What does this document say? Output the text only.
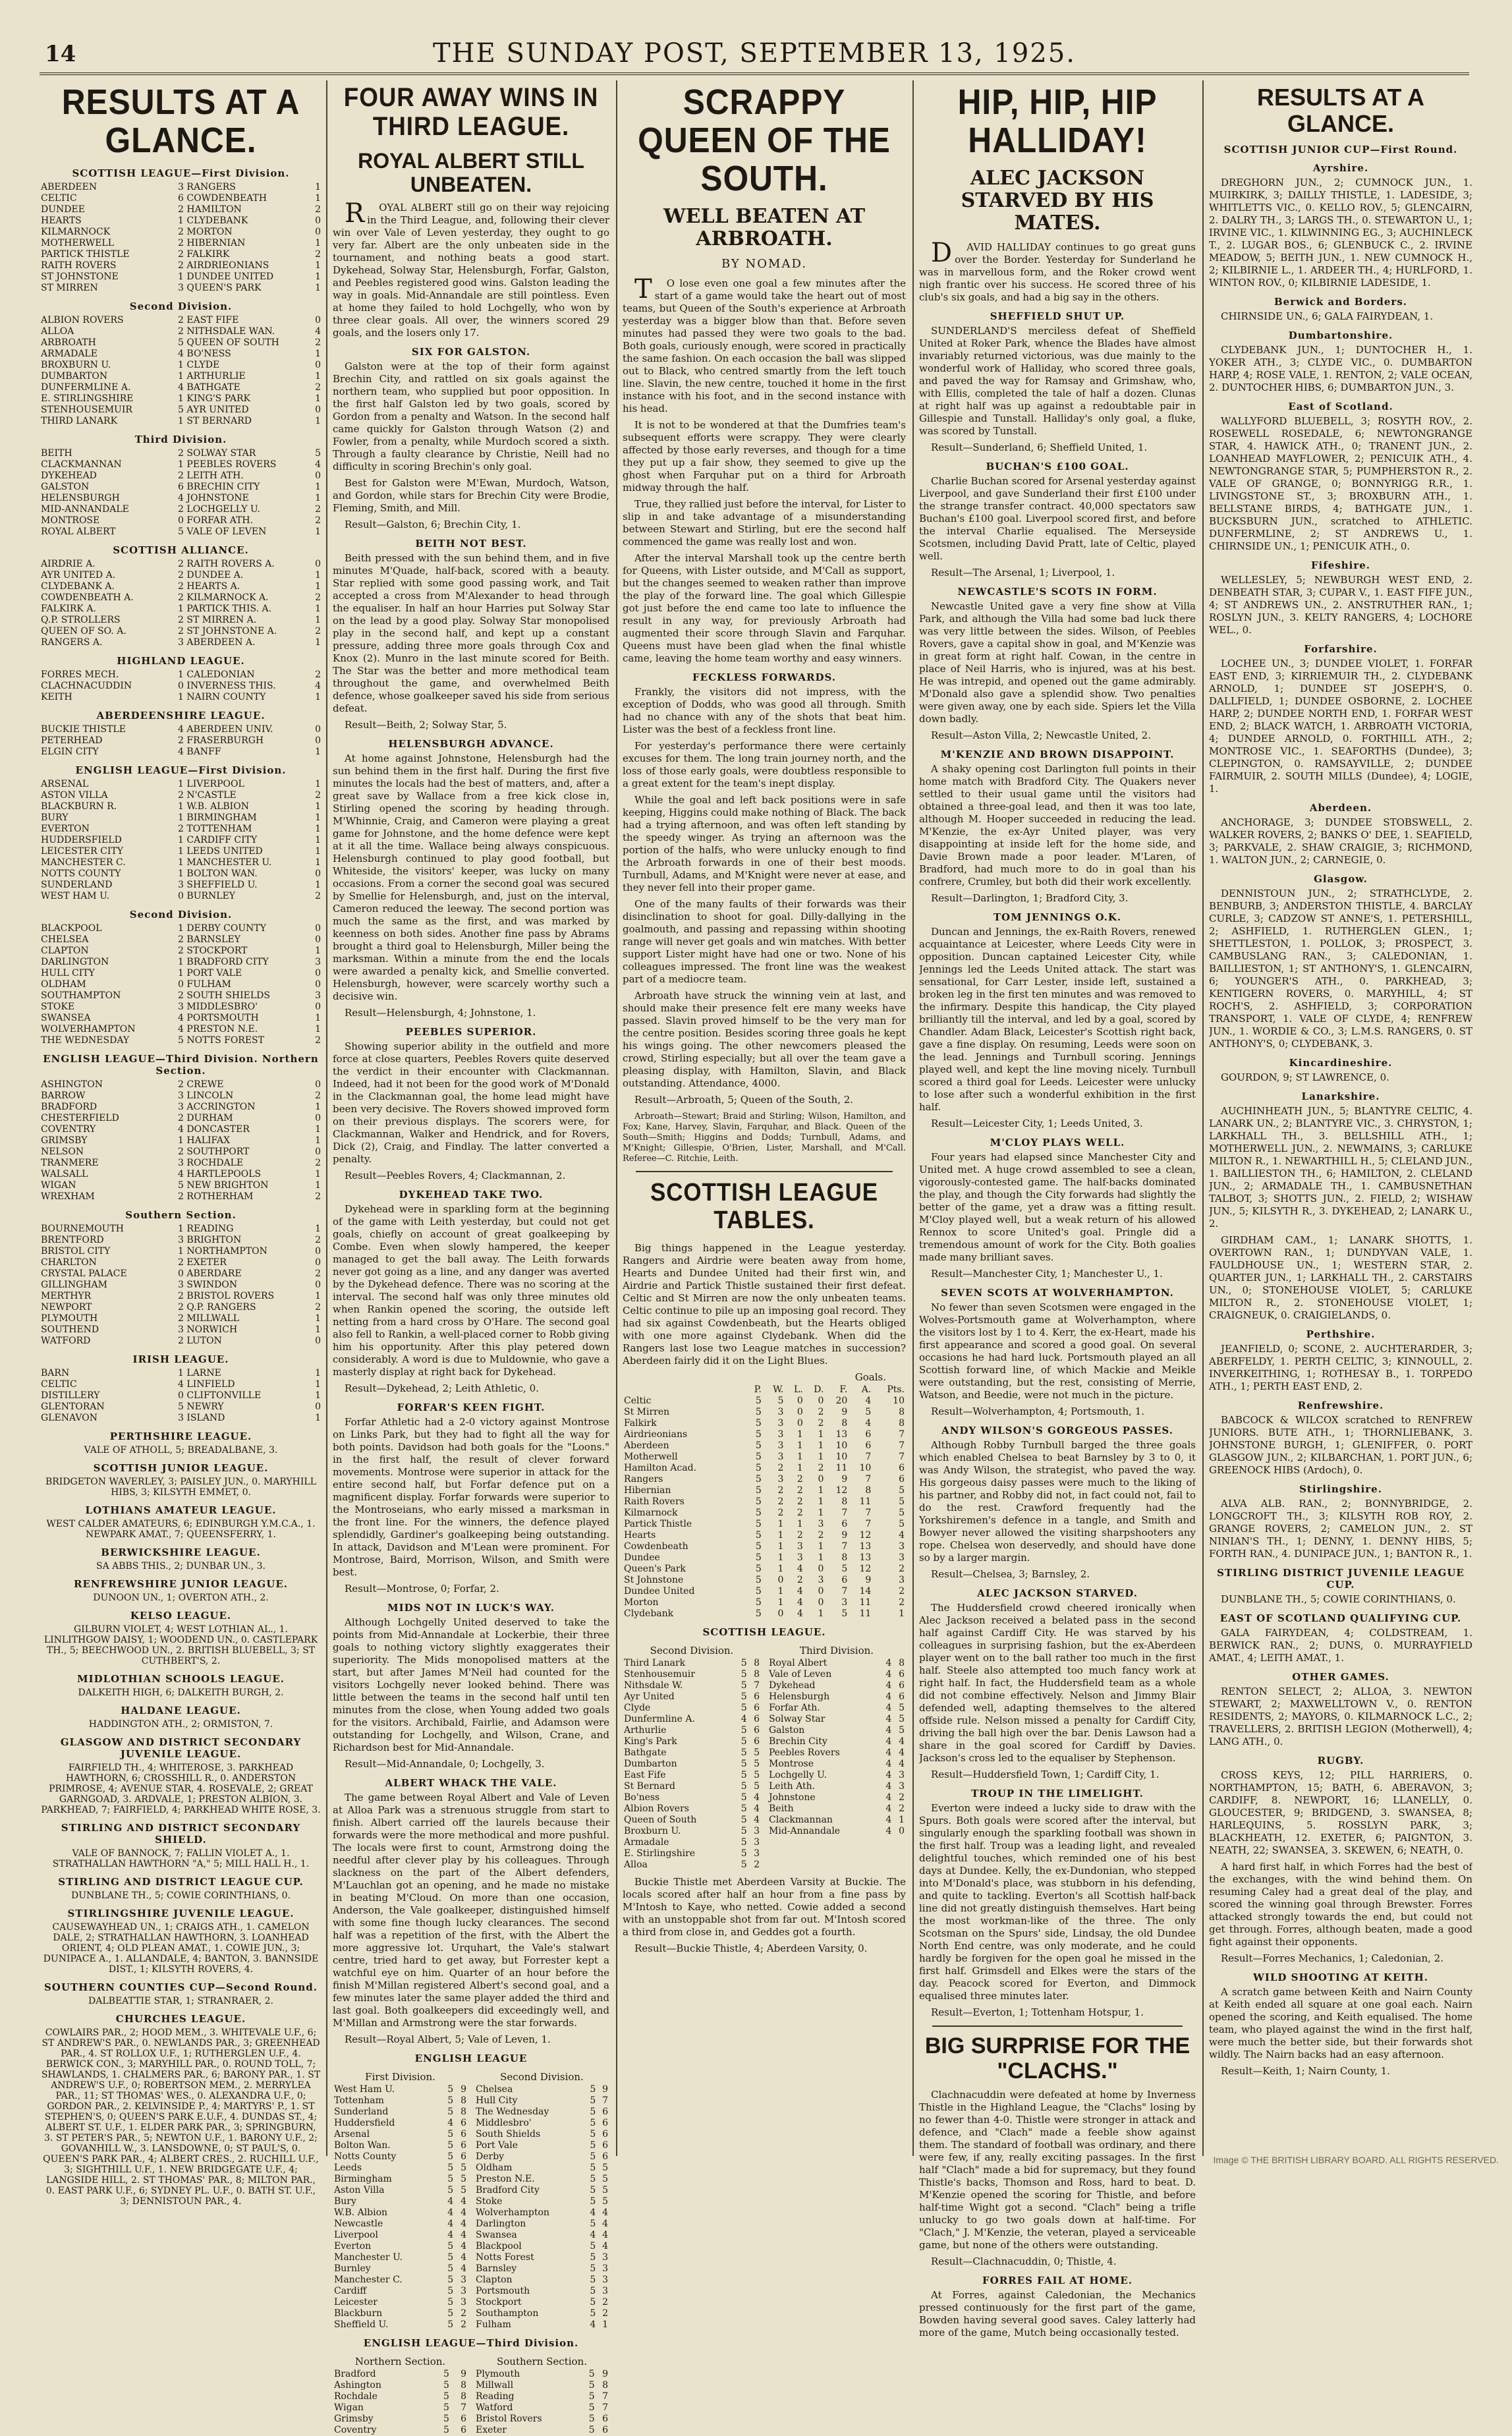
14	THE SUNDAY POST, SEPTEMBER 13, 1925.
RESULTS AT A GLANCE.
SCOTTISH LEAGUE—First Division.
ABERDEEN	3 RANGERS	1
CELTIC	6 COWDENBEATH	1
DUNDEE	2 HAMILTON	2
HEARTS	1 CLYDEBANK	0
KILMARNOCK	2 MORTON	0
MOTHERWELL	2 HIBERNIAN	1
PARTICK THISTLE	2 FALKIRK	2
RAITH ROVERS	2 AIRDRIEONIANS	1
ST JOHNSTONE	1 DUNDEE UNITED	1
ST MIRREN	3 QUEEN'S PARK	1
Second Division.
ALBION ROVERS	2 EAST FIFE	0
ALLOA	2 NITHSDALE WAN.	4
ARBROATH	5 QUEEN OF SOUTH	2
ARMADALE	4 BO'NESS	1
BROXBURN U.	1 CLYDE	0
DUMBARTON	1 ARTHURLIE	1
DUNFERMLINE A.	4 BATHGATE	2
E. STIRLINGSHIRE	1 KING'S PARK	1
STENHOUSEMUIR	5 AYR UNITED	0
THIRD LANARK	1 ST BERNARD	1
Third Division.
BEITH	2 SOLWAY STAR	5
CLACKMANNAN	1 PEEBLES ROVERS	4
DYKEHEAD	2 LEITH ATH.	0
GALSTON	6 BRECHIN CITY	1
HELENSBURGH	4 JOHNSTONE	1
MID-ANNANDALE	2 LOCHGELLY U.	2
MONTROSE	0 FORFAR ATH.	2
ROYAL ALBERT	5 VALE OF LEVEN	1
SCOTTISH ALLIANCE.
AIRDRIE A.	2 RAITH ROVERS A.	0
AYR UNITED A.	2 DUNDEE A.	1
CLYDEBANK A.	2 HEARTS A.	1
COWDENBEATH A.	2 KILMARNOCK A.	2
FALKIRK A.	1 PARTICK THIS. A.	1
Q.P. STROLLERS	2 ST MIRREN A.	1
QUEEN OF SO. A.	2 ST JOHNSTONE A.	2
RANGERS A.	3 ABERDEEN A.	1
HIGHLAND LEAGUE.
FORRES MECH.	1 CALEDONIAN	2
CLACHNACUDDIN	0 INVERNESS THIS.	4
KEITH	1 NAIRN COUNTY	1
ABERDEENSHIRE LEAGUE.
BUCKIE THISTLE	4 ABERDEEN UNIV.	0
PETERHEAD	2 FRASERBURGH	0
ELGIN CITY	4 BANFF	1
ENGLISH LEAGUE—First Division.
ARSENAL	1 LIVERPOOL	1
ASTON VILLA	2 N'CASTLE	2
BLACKBURN R.	1 W.B. ALBION	1
BURY	1 BIRMINGHAM	1
EVERTON	2 TOTTENHAM	1
HUDDERSFIELD	1 CARDIFF CITY	1
LEICESTER CITY	1 LEEDS UNITED	1
MANCHESTER C.	1 MANCHESTER U.	1
NOTTS COUNTY	1 BOLTON WAN.	0
SUNDERLAND	3 SHEFFIELD U.	1
WEST HAM U.	0 BURNLEY	2
Second Division.
BLACKPOOL	1 DERBY COUNTY	0
CHELSEA	2 BARNSLEY	0
CLAPTON	2 STOCKPORT	1
DARLINGTON	1 BRADFORD CITY	3
HULL CITY	1 PORT VALE	0
OLDHAM	0 FULHAM	0
SOUTHAMPTON	2 SOUTH SHIELDS	3
STOKE	3 MIDDLESBRO'	0
SWANSEA	4 PORTSMOUTH	1
WOLVERHAMPTON	4 PRESTON N.E.	1
THE WEDNESDAY	5 NOTTS FOREST	2
ENGLISH LEAGUE—Third Division. Northern Section.
ASHINGTON	2 CREWE	0
BARROW	3 LINCOLN	2
BRADFORD	3 ACCRINGTON	1
CHESTERFIELD	2 DURHAM	0
COVENTRY	4 DONCASTER	1
GRIMSBY	1 HALIFAX	1
NELSON	2 SOUTHPORT	0
TRANMERE	3 ROCHDALE	2
WALSALL	4 HARTLEPOOLS	1
WIGAN	5 NEW BRIGHTON	1
WREXHAM	2 ROTHERHAM	2
Southern Section.
BOURNEMOUTH	1 READING	1
BRENTFORD	3 BRIGHTON	2
BRISTOL CITY	1 NORTHAMPTON	0
CHARLTON	2 EXETER	0
CRYSTAL PALACE	0 ABERDARE	2
GILLINGHAM	3 SWINDON	0
MERTHYR	2 BRISTOL ROVERS	1
NEWPORT	2 Q.P. RANGERS	2
PLYMOUTH	2 MILLWALL	1
SOUTHEND	3 NORWICH	1
WATFORD	2 LUTON	0
IRISH LEAGUE.
BARN	1 LARNE	1
CELTIC	4 LINFIELD	1
DISTILLERY	0 CLIFTONVILLE	1
GLENTORAN	5 NEWRY	0
GLENAVON	3 ISLAND	1
PERTHSHIRE LEAGUE.
VALE OF ATHOLL, 5; BREADALBANE, 3.
SCOTTISH JUNIOR LEAGUE.
BRIDGETON WAVERLEY, 3; PAISLEY JUN., 0. MARYHILL HIBS, 3; KILSYTH EMMET, 0.
LOTHIANS AMATEUR LEAGUE.
WEST CALDER AMATEURS, 6; EDINBURGH Y.M.C.A., 1. NEWPARK AMAT., 7; QUEENSFERRY, 1.
BERWICKSHIRE LEAGUE.
SA ABBS THIS., 2; DUNBAR UN., 3.
RENFREWSHIRE JUNIOR LEAGUE.
DUNOON UN., 1; OVERTON ATH., 2.
KELSO LEAGUE.
GILBURN VIOLET, 4; WEST LOTHIAN AL., 1. LINLITHGOW DAISY, 1; WOODEND UN., 0. CASTLEPARK TH., 5; BEECHWOOD UN., 2. BRITISH BLUEBELL, 3; ST CUTHBERT'S, 2.
MIDLOTHIAN SCHOOLS LEAGUE.
DALKEITH HIGH, 6; DALKEITH BURGH, 2.
HALDANE LEAGUE.
HADDINGTON ATH., 2; ORMISTON, 7.
GLASGOW AND DISTRICT SECONDARY JUVENILE LEAGUE.
FAIRFIELD TH., 4; WHITEROSE, 3. PARKHEAD HAWTHORN, 6; CROSSHILL R., 0. ANDERSTON PRIMROSE, 4; AVENUE STAR, 4. ROSEVALE, 2; GREAT GARNGOAD, 3. ARDVALE, 1; PRESTON ALBION, 3. PARKHEAD, 7; FAIRFIELD, 4; PARKHEAD WHITE ROSE, 3.
STIRLING AND DISTRICT SECONDARY SHIELD.
VALE OF BANNOCK, 7; FALLIN VIOLET A., 1. STRATHALLAN HAWTHORN "A," 5; MILL HALL H., 1.
STIRLING AND DISTRICT LEAGUE CUP.
DUNBLANE TH., 5; COWIE CORINTHIANS, 0.
STIRLINGSHIRE JUVENILE LEAGUE.
CAUSEWAYHEAD UN., 1; CRAIGS ATH., 1. CAMELON DALE, 2; STRATHALLAN HAWTHORN, 3. LOANHEAD ORIENT, 4; OLD PLEAN AMAT., 1. COWIE JUN., 3; DUNIPACE A., 1. ALLANDALE, 4; BANTON, 3. BANNSIDE DIST., 1; KILSYTH ROVERS, 4.
SOUTHERN COUNTIES CUP—Second Round.
DALBEATTIE STAR, 1; STRANRAER, 2.
CHURCHES LEAGUE.
COWLAIRS PAR., 2; HOOD MEM., 3. WHITEVALE U.F., 6; ST ANDREW'S PAR., 0. NEWLANDS PAR., 3; GREENHEAD PAR., 4. ST ROLLOX U.F., 1; RUTHERGLEN U.F., 4. BERWICK CON., 3; MARYHILL PAR., 0. ROUND TOLL, 7; SHAWLANDS, 1. CHALMERS PAR., 6; BARONY PAR., 1. ST ANDREW'S U.F., 0; ROBERTSON MEM., 2. MERRYLEA PAR., 11; ST THOMAS' WES., 0. ALEXANDRA U.F., 0; GORDON PAR., 2. KELVINSIDE P., 4; MARTYRS' P., 1. ST STEPHEN'S, 0; QUEEN'S PARK E.U.F., 4. DUNDAS ST., 4; ALBERT ST. U.F., 1. ELDER PARK PAR., 3; SPRINGBURN, 3. ST PETER'S PAR., 5; NEWTON U.F., 1. BARONY U.F., 2; GOVANHILL W., 3. LANSDOWNE, 0; ST PAUL'S, 0. QUEEN'S PARK PAR., 4; ALBERT CRES., 2. RUCHILL U.F., 3; SIGHTHILL U.F., 1. NEW BRIDGEGATE U.F., 4; LANGSIDE HILL, 2. ST THOMAS' PAR., 8; MILTON PAR., 0. EAST PARK U.F., 6; SYDNEY PL. U.F., 0. BATH ST. U.F., 3; DENNISTOUN PAR., 4.
FOUR AWAY WINS IN THIRD LEAGUE.
ROYAL ALBERT STILL UNBEATEN.

ROYAL ALBERT still go on their way rejoicing in the Third League, and, following their clever win over Vale of Leven yesterday, they ought to go very far. Albert are the only unbeaten side in the tournament, and nothing beats a good start. Dykehead, Solway Star, Helensburgh, Forfar, Galston, and Peebles registered good wins. Galston leading the way in goals. Mid-Annandale are still pointless. Even at home they failed to hold Lochgelly, who won by three clear goals. All over, the winners scored 29 goals, and the losers only 17.

SIX FOR GALSTON.

Galston were at the top of their form against Brechin City, and rattled on six goals against the northern team, who supplied but poor opposition. In the first half Galston led by two goals, scored by Gordon from a penalty and Watson. In the second half came quickly for Galston through Watson (2) and Fowler, from a penalty, while Murdoch scored a sixth. Through a faulty clearance by Christie, Neill had no difficulty in scoring Brechin's only goal.

Best for Galston were M'Ewan, Murdoch, Watson, and Gordon, while stars for Brechin City were Brodie, Fleming, Smith, and Mill.

Result—Galston, 6; Brechin City, 1.

BEITH NOT BEST.

Beith pressed with the sun behind them, and in five minutes M'Quade, half-back, scored with a beauty. Star replied with some good passing work, and Tait accepted a cross from M'Alexander to head through the equaliser. In half an hour Harries put Solway Star on the lead by a good play. Solway Star monopolised play in the second half, and kept up a constant pressure, adding three more goals through Cox and Knox (2). Munro in the last minute scored for Beith. The Star was the better and more methodical team throughout the game, and overwhelmed Beith defence, whose goalkeeper saved his side from serious defeat.

Result—Beith, 2; Solway Star, 5.

HELENSBURGH ADVANCE.

At home against Johnstone, Helensburgh had the sun behind them in the first half. During the first five minutes the locals had the best of matters, and, after a great save by Wallace from a free kick close in, Stirling opened the scoring by heading through. M'Whinnie, Craig, and Cameron were playing a great game for Johnstone, and the home defence were kept at it all the time. Wallace being always conspicuous. Helensburgh continued to play good football, but Whiteside, the visitors' keeper, was lucky on many occasions. From a corner the second goal was secured by Smellie for Helensburgh, and, just on the interval, Cameron reduced the leeway. The second portion was much the same as the first, and was marked by keenness on both sides. Another fine pass by Abrams brought a third goal to Helensburgh, Miller being the marksman. Within a minute from the end the locals were awarded a penalty kick, and Smellie converted. Helensburgh, however, were scarcely worthy such a decisive win.

Result—Helensburgh, 4; Johnstone, 1.

PEEBLES SUPERIOR.

Showing superior ability in the outfield and more force at close quarters, Peebles Rovers quite deserved the verdict in their encounter with Clackmannan. Indeed, had it not been for the good work of M'Donald in the Clackmannan goal, the home lead might have been very decisive. The Rovers showed improved form on their previous displays. The scorers were, for Clackmannan, Walker and Hendrick, and for Rovers, Dick (2), Craig, and Findlay. The latter converted a penalty.

Result—Peebles Rovers, 4; Clackmannan, 2.

DYKEHEAD TAKE TWO.

Dykehead were in sparkling form at the beginning of the game with Leith yesterday, but could not get goals, chiefly on account of great goalkeeping by Combe. Even when slowly hampered, the keeper managed to get the ball away. The Leith forwards never got going as a line, and any danger was averted by the Dykehead defence. There was no scoring at the interval. The second half was only three minutes old when Rankin opened the scoring, the outside left netting from a hard cross by O'Hare. The second goal also fell to Rankin, a well-placed corner to Robb giving him his opportunity. After this play petered down considerably. A word is due to Muldownie, who gave a masterly display at right back for Dykehead.

Result—Dykehead, 2; Leith Athletic, 0.

FORFAR'S KEEN FIGHT.

Forfar Athletic had a 2-0 victory against Montrose on Links Park, but they had to fight all the way for both points. Davidson had both goals for the "Loons." in the first half, the result of clever forward movements. Montrose were superior in attack for the entire second half, but Forfar defence put on a magnificent display. Forfar forwards were superior to the Montroseians, who early missed a marksman in the front line. For the winners, the defence played splendidly, Gardiner's goalkeeping being outstanding. In attack, Davidson and M'Lean were prominent. For Montrose, Baird, Morrison, Wilson, and Smith were best.

Result—Montrose, 0; Forfar, 2.

MIDS NOT IN LUCK'S WAY.

Although Lochgelly United deserved to take the points from Mid-Annandale at Lockerbie, their three goals to nothing victory slightly exaggerates their superiority. The Mids monopolised matters at the start, but after James M'Neil had counted for the visitors Lochgelly never looked behind. There was little between the teams in the second half until ten minutes from the close, when Young added two goals for the visitors. Archibald, Fairlie, and Adamson were outstanding for Lochgelly, and Wilson, Crane, and Richardson best for Mid-Annandale.

Result—Mid-Annandale, 0; Lochgelly, 3.

ALBERT WHACK THE VALE.

The game between Royal Albert and Vale of Leven at Alloa Park was a strenuous struggle from start to finish. Albert carried off the laurels because their forwards were the more methodical and more pushful. The locals were first to count, Armstrong doing the needful after clever play by his colleagues. Through slackness on the part of the Albert defenders, M'Lauchlan got an opening, and he made no mistake in beating M'Cloud. On more than one occasion, Anderson, the Vale goalkeeper, distinguished himself with some fine though lucky clearances. The second half was a repetition of the first, with the Albert the more aggressive lot. Urquhart, the Vale's stalwart centre, tried hard to get away, but Forrester kept a watchful eye on him. Quarter of an hour before the finish M'Millan registered Albert's second goal, and a few minutes later the same player added the third and last goal. Both goalkeepers did exceedingly well, and M'Millan and Armstrong were the star forwards.

Result—Royal Albert, 5; Vale of Leven, 1.

ENGLISH LEAGUE
First Division.
West Ham U.	5	9
Tottenham	5	8
Sunderland	5	8
Huddersfield	4	6
Arsenal	5	6
Bolton Wan.	5	6
Notts County	5	6
Leeds	5	5
Birmingham	5	5
Aston Villa	5	5
Bury	4	4
W.B. Albion	4	4
Newcastle	4	4
Liverpool	4	4
Everton	5	4
Manchester U.	5	4
Burnley	5	4
Manchester C.	5	3
Cardiff	5	3
Leicester	5	3
Blackburn	5	2
Sheffield U.	5	2
Second Division.
Chelsea	5	9
Hull City	5	7
The Wednesday	5	6
Middlesbro'	5	6
South Shields	5	6
Port Vale	5	6
Derby	5	6
Oldham	5	5
Preston N.E.	5	5
Bradford City	5	5
Stoke	5	5
Wolverhampton	4	4
Darlington	5	4
Swansea	4	4
Blackpool	5	4
Notts Forest	5	3
Barnsley	5	3
Clapton	5	3
Portsmouth	5	3
Stockport	5	2
Southampton	5	2
Fulham	4	1
ENGLISH LEAGUE—Third Division.
Northern Section.
Bradford	5	9
Ashington	5	8
Rochdale	5	8
Wigan	5	7
Grimsby	5	6
Coventry	5	6
Southern Section.
Plymouth	5	9
Millwall	5	8
Reading	5	7
Watford	5	7
Bristol Rovers	5	6
Exeter	5	6
SCRAPPY QUEEN OF THE SOUTH.
WELL BEATEN AT ARBROATH.
BY NOMAD.

TO lose even one goal a few minutes after the start of a game would take the heart out of most teams, but Queen of the South's experience at Arbroath yesterday was a bigger blow than that. Before seven minutes had passed they were two goals to the bad. Both goals, curiously enough, were scored in practically the same fashion. On each occasion the ball was slipped out to Black, who centred smartly from the left touch line. Slavin, the new centre, touched it home in the first instance with his foot, and in the second instance with his head.

It is not to be wondered at that the Dumfries team's subsequent efforts were scrappy. They were clearly affected by those early reverses, and though for a time they put up a fair show, they seemed to give up the ghost when Farquhar put on a third for Arbroath midway through the half.

True, they rallied just before the interval, for Lister to slip in and take advantage of a misunderstanding between Stewart and Stirling, but ere the second half commenced the game was really lost and won.

After the interval Marshall took up the centre berth for Queens, with Lister outside, and M'Call as support, but the changes seemed to weaken rather than improve the play of the forward line. The goal which Gillespie got just before the end came too late to influence the result in any way, for previously Arbroath had augmented their score through Slavin and Farquhar. Queens must have been glad when the final whistle came, leaving the home team worthy and easy winners.

FECKLESS FORWARDS.

Frankly, the visitors did not impress, with the exception of Dodds, who was good all through. Smith had no chance with any of the shots that beat him. Lister was the best of a feckless front line.

For yesterday's performance there were certainly excuses for them. The long train journey north, and the loss of those early goals, were doubtless responsible to a great extent for the team's inept display.

While the goal and left back positions were in safe keeping, Higgins could make nothing of Black. The back had a trying afternoon, and was often left standing by the speedy winger. As trying an afternoon was the portion of the halfs, who were unlucky enough to find the Arbroath forwards in one of their best moods. Turnbull, Adams, and M'Knight were never at ease, and they never fell into their proper game.

One of the many faults of their forwards was their disinclination to shoot for goal. Dilly-dallying in the goalmouth, and passing and repassing within shooting range will never get goals and win matches. With better support Lister might have had one or two. None of his colleagues impressed. The front line was the weakest part of a mediocre team.

Arbroath have struck the winning vein at last, and should make their presence felt ere many weeks have passed. Slavin proved himself to be the very man for the centre position. Besides scoring three goals he kept his wings going. The other newcomers pleased the crowd, Stirling especially; but all over the team gave a pleasing display, with Hamilton, Slavin, and Black outstanding. Attendance, 4000.

Result—Arbroath, 5; Queen of the South, 2.

Arbroath—Stewart; Braid and Stirling; Wilson, Hamilton, and Fox; Kane, Harvey, Slavin, Farquhar, and Black. Queen of the South—Smith; Higgins and Dodds; Turnbull, Adams, and M'Knight; Gillespie, O'Brien, Lister, Marshall, and M'Call. Referee—C. Ritchie, Leith.

SCOTTISH LEAGUE TABLES.

Big things happened in the League yesterday. Rangers and Airdrie were beaten away from home, Hearts and Dundee United had their first win, and Airdrie and Partick Thistle sustained their first defeat. Celtic and St Mirren are now the only unbeaten teams. Celtic continue to pile up an imposing goal record. They had six against Cowdenbeath, but the Hearts obliged with one more against Clydebank. When did the Rangers last lose two League matches in succession? Aberdeen fairly did it on the Light Blues.

Goals.
	P.	W.	L.	D.	F.	A.	Pts.
Celtic	5	5	0	0	20	4	10
St Mirren	5	3	0	2	9	5	8
Falkirk	5	3	0	2	8	4	8
Airdrieonians	5	3	1	1	13	6	7
Aberdeen	5	3	1	1	10	6	7
Motherwell	5	3	1	1	10	7	7
Hamilton Acad.	5	2	1	2	11	10	6
Rangers	5	3	2	0	9	7	6
Hibernian	5	2	2	1	12	8	5
Raith Rovers	5	2	2	1	8	11	5
Kilmarnock	5	2	2	1	7	7	5
Partick Thistle	5	1	1	3	6	7	5
Hearts	5	1	2	2	9	12	4
Cowdenbeath	5	1	3	1	7	13	3
Dundee	5	1	3	1	8	13	3
Queen's Park	5	1	4	0	5	12	2
St Johnstone	5	0	2	3	6	9	3
Dundee United	5	1	4	0	7	14	2
Morton	5	1	4	0	3	11	2
Clydebank	5	0	4	1	5	11	1
SCOTTISH LEAGUE.
Second Division.
Third Lanark	5	8
Stenhousemuir	5	8
Nithsdale W.	5	7
Ayr United	5	6
Clyde	5	6
Dunfermline A.	4	6
Arthurlie	5	6
King's Park	5	6
Bathgate	5	5
Dumbarton	5	5
East Fife	5	5
St Bernard	5	5
Bo'ness	5	4
Albion Rovers	5	4
Queen of South	5	4
Broxburn U.	5	3
Armadale	5	3
E. Stirlingshire	5	3
Alloa	5	2
Third Division.
Royal Albert	4	8
Vale of Leven	4	6
Dykehead	4	6
Helensburgh	4	6
Forfar Ath.	4	5
Solway Star	4	5
Galston	4	5
Brechin City	4	4
Peebles Rovers	4	4
Montrose	4	4
Lochgelly U.	4	3
Leith Ath.	4	3
Johnstone	4	2
Beith	4	2
Clackmannan	4	1
Mid-Annandale	4	0

Buckie Thistle met Aberdeen Varsity at Buckie. The locals scored after half an hour from a fine pass by M'Intosh to Kaye, who netted. Cowie added a second with an unstoppable shot from far out. M'Intosh scored a third from close in, and Geddes got a fourth.

Result—Buckie Thistle, 4; Aberdeen Varsity, 0.

HIP, HIP, HIP HALLIDAY!
ALEC JACKSON STARVED BY HIS MATES.

DAVID HALLIDAY continues to go great guns over the Border. Yesterday for Sunderland he was in marvellous form, and the Roker crowd went nigh frantic over his success. He scored three of his club's six goals, and had a big say in the others.

SHEFFIELD SHUT UP.

SUNDERLAND'S merciless defeat of Sheffield United at Roker Park, whence the Blades have almost invariably returned victorious, was due mainly to the wonderful work of Halliday, who scored three goals, and paved the way for Ramsay and Grimshaw, who, with Ellis, completed the tale of half a dozen. Clunas at right half was up against a redoubtable pair in Gillespie and Tunstall. Halliday's only goal, a fluke, was scored by Tunstall.

Result—Sunderland, 6; Sheffield United, 1.

BUCHAN'S £100 GOAL.

Charlie Buchan scored for Arsenal yesterday against Liverpool, and gave Sunderland their first £100 under the strange transfer contract. 40,000 spectators saw Buchan's £100 goal. Liverpool scored first, and before the interval Charlie equalised. The Merseyside Scotsmen, including David Pratt, late of Celtic, played well.

Result—The Arsenal, 1; Liverpool, 1.

NEWCASTLE'S SCOTS IN FORM.

Newcastle United gave a very fine show at Villa Park, and although the Villa had some bad luck there was very little between the sides. Wilson, of Peebles Rovers, gave a capital show in goal, and M'Kenzie was in great form at right half. Cowan, in the centre in place of Neil Harris, who is injured, was at his best. He was intrepid, and opened out the game admirably. M'Donald also gave a splendid show. Two penalties were given away, one by each side. Spiers let the Villa down badly.

Result—Aston Villa, 2; Newcastle United, 2.

M'KENZIE AND BROWN DISAPPOINT.

A shaky opening cost Darlington full points in their home match with Bradford City. The Quakers never settled to their usual game until the visitors had obtained a three-goal lead, and then it was too late, although M. Hooper succeeded in reducing the lead. M'Kenzie, the ex-Ayr United player, was very disappointing at inside left for the home side, and Davie Brown made a poor leader. M'Laren, of Bradford, had much more to do in goal than his confrere, Crumley, but both did their work excellently.

Result—Darlington, 1; Bradford City, 3.

TOM JENNINGS O.K.

Duncan and Jennings, the ex-Raith Rovers, renewed acquaintance at Leicester, where Leeds City were in opposition. Duncan captained Leicester City, while Jennings led the Leeds United attack. The start was sensational, for Carr Lester, inside left, sustained a broken leg in the first ten minutes and was removed to the infirmary. Despite this handicap, the City played brilliantly till the interval, and led by a goal, scored by Chandler. Adam Black, Leicester's Scottish right back, gave a fine display. On resuming, Leeds were soon on the lead. Jennings and Turnbull scoring. Jennings played well, and kept the line moving nicely. Turnbull scored a third goal for Leeds. Leicester were unlucky to lose after such a wonderful exhibition in the first half.

Result—Leicester City, 1; Leeds United, 3.

M'CLOY PLAYS WELL.

Four years had elapsed since Manchester City and United met. A huge crowd assembled to see a clean, vigorously-contested game. The half-backs dominated the play, and though the City forwards had slightly the better of the game, yet a draw was a fitting result. M'Cloy played well, but a weak return of his allowed Rennox to score United's goal. Pringle did a tremendous amount of work for the City. Both goalies made many brilliant saves.

Result—Manchester City, 1; Manchester U., 1.

SEVEN SCOTS AT WOLVERHAMPTON.

No fewer than seven Scotsmen were engaged in the Wolves-Portsmouth game at Wolverhampton, where the visitors lost by 1 to 4. Kerr, the ex-Heart, made his first appearance and scored a good goal. On several occasions he had hard luck. Portsmouth played an all Scottish forward line, of which Mackie and Meikle were outstanding, but the rest, consisting of Merrie, Watson, and Beedie, were not much in the picture.

Result—Wolverhampton, 4; Portsmouth, 1.

ANDY WILSON'S GORGEOUS PASSES.

Although Robby Turnbull barged the three goals which enabled Chelsea to beat Barnsley by 3 to 0, it was Andy Wilson, the strategist, who paved the way. His gorgeous daisy passes were much to the liking of his partner, and Robby did not, in fact could not, fail to do the rest. Crawford frequently had the Yorkshiremen's defence in a tangle, and Smith and Bowyer never allowed the visiting sharpshooters any rope. Chelsea won deservedly, and should have done so by a larger margin.

Result—Chelsea, 3; Barnsley, 2.

ALEC JACKSON STARVED.

The Huddersfield crowd cheered ironically when Alec Jackson received a belated pass in the second half against Cardiff City. He was starved by his colleagues in surprising fashion, but the ex-Aberdeen player went on to the ball rather too much in the first half. Steele also attempted too much fancy work at right half. In fact, the Huddersfield team as a whole did not combine effectively. Nelson and Jimmy Blair defended well, adapting themselves to the altered offside rule. Nelson missed a penalty for Cardiff City, driving the ball high over the bar. Denis Lawson had a share in the goal scored for Cardiff by Davies. Jackson's cross led to the equaliser by Stephenson.

Result—Huddersfield Town, 1; Cardiff City, 1.

TROUP IN THE LIMELIGHT.

Everton were indeed a lucky side to draw with the Spurs. Both goals were scored after the interval, but singularly enough the sparkling football was shown in the first half. Troup was a leading light, and revealed delightful touches, which reminded one of his best days at Dundee. Kelly, the ex-Dundonian, who stepped into M'Donald's place, was stubborn in his defending, and quite to tackling. Everton's all Scottish half-back line did not greatly distinguish themselves. Hart being the most workman-like of the three. The only Scotsman on the Spurs' side, Lindsay, the old Dundee North End centre, was only moderate, and he could hardly be forgiven for the open goal he missed in the first half. Grimsdell and Elkes were the stars of the day. Peacock scored for Everton, and Dimmock equalised three minutes later.

Result—Everton, 1; Tottenham Hotspur, 1.

BIG SURPRISE FOR THE "CLACHS."

Clachnacuddin were defeated at home by Inverness Thistle in the Highland League, the "Clachs" losing by no fewer than 4-0. Thistle were stronger in attack and defence, and "Clach" made a feeble show against them. The standard of football was ordinary, and there were few, if any, really exciting passages. In the first half "Clach" made a bid for supremacy, but they found Thistle's backs, Thomson and Ross, hard to beat. D. M'Kenzie opened the scoring for Thistle, and before half-time Wight got a second. "Clach" being a trifle unlucky to go two goals down at half-time. For "Clach," J. M'Kenzie, the veteran, played a serviceable game, but none of the others were outstanding.

Result—Clachnacuddin, 0; Thistle, 4.

FORRES FAIL AT HOME.

At Forres, against Caledonian, the Mechanics pressed continuously for the first part of the game, Bowden having several good saves. Caley latterly had more of the game, Mutch being occasionally tested.

RESULTS AT A GLANCE.
SCOTTISH JUNIOR CUP—First Round.
Ayrshire.

DREGHORN JUN., 2; CUMNOCK JUN., 1. MUIRKIRK, 3; DAILLY THISTLE, 1. LADESIDE, 3; WHITLETTS VIC., 0. KELLO ROV., 5; GLENCAIRN, 2. DALRY TH., 3; LARGS TH., 0. STEWARTON U., 1; IRVINE VIC., 1. KILWINNING EG., 3; AUCHINLECK T., 2. LUGAR BOS., 6; GLENBUCK C., 2. IRVINE MEADOW, 5; BEITH JUN., 1. NEW CUMNOCK H., 2; KILBIRNIE L., 1. ARDEER TH., 4; HURLFORD, 1. WINTON ROV., 0; KILBIRNIE LADESIDE, 1.

Berwick and Borders.

CHIRNSIDE UN., 6; GALA FAIRYDEAN, 1.

Dumbartonshire.

CLYDEBANK JUN., 1; DUNTOCHER H., 1. YOKER ATH., 3; CLYDE VIC., 0. DUMBARTON HARP, 4; ROSE VALE, 1. RENTON, 2; VALE OCEAN, 2. DUNTOCHER HIBS, 6; DUMBARTON JUN., 3.

East of Scotland.

WALLYFORD BLUEBELL, 3; ROSYTH ROV., 2. ROSEWELL ROSEDALE, 6; NEWTONGRANGE STAR, 4. HAWICK ATH., 0; TRANENT JUN., 2. LOANHEAD MAYFLOWER, 2; PENICUIK ATH., 4. NEWTONGRANGE STAR, 5; PUMPHERSTON R., 2. VALE OF GRANGE, 0; BONNYRIGG R.R., 1. LIVINGSTONE ST., 3; BROXBURN ATH., 1. BELLSTANE BIRDS, 4; BATHGATE JUN., 1. BUCKSBURN JUN., scratched to ATHLETIC. DUNFERMLINE, 2; ST ANDREWS U., 1. CHIRNSIDE UN., 1; PENICUIK ATH., 0.

Fifeshire.

WELLESLEY, 5; NEWBURGH WEST END, 2. DENBEATH STAR, 3; CUPAR V., 1. EAST FIFE JUN., 4; ST ANDREWS UN., 2. ANSTRUTHER RAN., 1; ROSLYN JUN., 3. KELTY RANGERS, 4; LOCHORE WEL., 0.

Forfarshire.

LOCHEE UN., 3; DUNDEE VIOLET, 1. FORFAR EAST END, 3; KIRRIEMUIR TH., 2. CLYDEBANK ARNOLD, 1; DUNDEE ST JOSEPH'S, 0. DALLFIELD, 1; DUNDEE OSBORNE, 2. LOCHEE HARP, 2; DUNDEE NORTH END, 1. FORFAR WEST END, 2; BLACK WATCH, 1. ARBROATH VICTORIA, 4; DUNDEE ARNOLD, 0. FORTHILL ATH., 2; MONTROSE VIC., 1. SEAFORTHS (Dundee), 3; CLEPINGTON, 0. RAMSAYVILLE, 2; DUNDEE FAIRMUIR, 2. SOUTH MILLS (Dundee), 4; LOGIE, 1.

Aberdeen.

ANCHORAGE, 3; DUNDEE STOBSWELL, 2. WALKER ROVERS, 2; BANKS O' DEE, 1. SEAFIELD, 3; PARKVALE, 2. SHAW CRAIGIE, 3; RICHMOND, 1. WALTON JUN., 2; CARNEGIE, 0.

Glasgow.

DENNISTOUN JUN., 2; STRATHCLYDE, 2. BENBURB, 3; ANDERSTON THISTLE, 4. BARCLAY CURLE, 3; CADZOW ST ANNE'S, 1. PETERSHILL, 2; ASHFIELD, 1. RUTHERGLEN GLEN., 1; SHETTLESTON, 1. POLLOK, 3; PROSPECT, 3. CAMBUSLANG RAN., 3; CALEDONIAN, 1. BAILLIESTON, 1; ST ANTHONY'S, 1. GLENCAIRN, 6; YOUNGER'S ATH., 0. PARKHEAD, 3; KENTIGERN ROVERS, 0. MARYHILL, 4; ST ROCH'S, 2. ASHFIELD, 3; CORPORATION TRANSPORT, 1. VALE OF CLYDE, 4; RENFREW JUN., 1. WORDIE & CO., 3; L.M.S. RANGERS, 0. ST ANTHONY'S, 0; CLYDEBANK, 3.

Kincardineshire.

GOURDON, 9; ST LAWRENCE, 0.

Lanarkshire.

AUCHINHEATH JUN., 5; BLANTYRE CELTIC, 4. LANARK UN., 2; BLANTYRE VIC., 3. CHRYSTON, 1; LARKHALL TH., 3. BELLSHILL ATH., 1; MOTHERWELL JUN., 2. NEWMAINS, 3; CARLUKE MILTON R., 1. NEWARTHILL H., 5; CLELAND JUN., 1. BAILLIESTON TH., 6; HAMILTON, 2. CLELAND JUN., 2; ARMADALE TH., 1. CAMBUSNETHAN TALBOT, 3; SHOTTS JUN., 2. FIELD, 2; WISHAW JUN., 5; KILSYTH R., 3. DYKEHEAD, 2; LANARK U., 2.

GIRDHAM CAM., 1; LANARK SHOTTS, 1. OVERTOWN RAN., 1; DUNDYVAN VALE, 1. FAULDHOUSE UN., 1; WESTERN STAR, 2. QUARTER JUN., 1; LARKHALL TH., 2. CARSTAIRS UN., 0; STONEHOUSE VIOLET, 5; CARLUKE MILTON R., 2. STONEHOUSE VIOLET, 1; CRAIGNEUK, 0. CRAIGIELANDS, 0.

Perthshire.

JEANFIELD, 0; SCONE, 2. AUCHTERARDER, 3; ABERFELDY, 1. PERTH CELTIC, 3; KINNOULL, 2. INVERKEITHING, 1; ROTHESAY B., 1. TORPEDO ATH., 1; PERTH EAST END, 2.

Renfrewshire.

BABCOCK & WILCOX scratched to RENFREW JUNIORS. BUTE ATH., 1; THORNLIEBANK, 3. JOHNSTONE BURGH, 1; GLENIFFER, 0. PORT GLASGOW JUN., 2; KILBARCHAN, 1. PORT JUN., 6; GREENOCK HIBS (Ardoch), 0.

Stirlingshire.

ALVA ALB. RAN., 2; BONNYBRIDGE, 2. LONGCROFT TH., 3; KILSYTH ROB ROY, 2. GRANGE ROVERS, 2; CAMELON JUN., 2. ST NINIAN'S TH., 1; DENNY, 1. DENNY HIBS, 5; FORTH RAN., 4. DUNIPACE JUN., 1; BANTON R., 1.

STIRLING DISTRICT JUVENILE LEAGUE CUP.

DUNBLANE TH., 5; COWIE CORINTHIANS, 0.

EAST OF SCOTLAND QUALIFYING CUP.

GALA FAIRYDEAN, 4; COLDSTREAM, 1. BERWICK RAN., 2; DUNS, 0. MURRAYFIELD AMAT., 4; LEITH AMAT., 1.

OTHER GAMES.

RENTON SELECT, 2; ALLOA, 3. NEWTON STEWART, 2; MAXWELLTOWN V., 0. RENTON RESIDENTS, 2; MAYORS, 0. KILMARNOCK L.C., 2; TRAVELLERS, 2. BRITISH LEGION (Motherwell), 4; LANG ATH., 0.

RUGBY.

CROSS KEYS, 12; PILL HARRIERS, 0. NORTHAMPTON, 15; BATH, 6. ABERAVON, 3; CARDIFF, 8. NEWPORT, 16; LLANELLY, 0. GLOUCESTER, 9; BRIDGEND, 3. SWANSEA, 8; HARLEQUINS, 5. ROSSLYN PARK, 3; BLACKHEATH, 12. EXETER, 6; PAIGNTON, 3. NEATH, 22; SWANSEA, 3. SKEWEN, 6; NEATH, 0.

A hard first half, in which Forres had the best of the exchanges, with the wind behind them. On resuming Caley had a great deal of the play, and scored the winning goal through Brewster. Forres attacked strongly towards the end, but could not get through. Forres, although beaten, made a good fight against their opponents.

Result—Forres Mechanics, 1; Caledonian, 2.

WILD SHOOTING AT KEITH.

A scratch game between Keith and Nairn County at Keith ended all square at one goal each. Nairn opened the scoring, and Keith equalised. The home team, who played against the wind in the first half, were much the better side, but their forwards shot wildly. The Nairn backs had an easy afternoon.

Result—Keith, 1; Nairn County, 1.

Image © THE BRITISH LIBRARY BOARD. ALL RIGHTS RESERVED.
